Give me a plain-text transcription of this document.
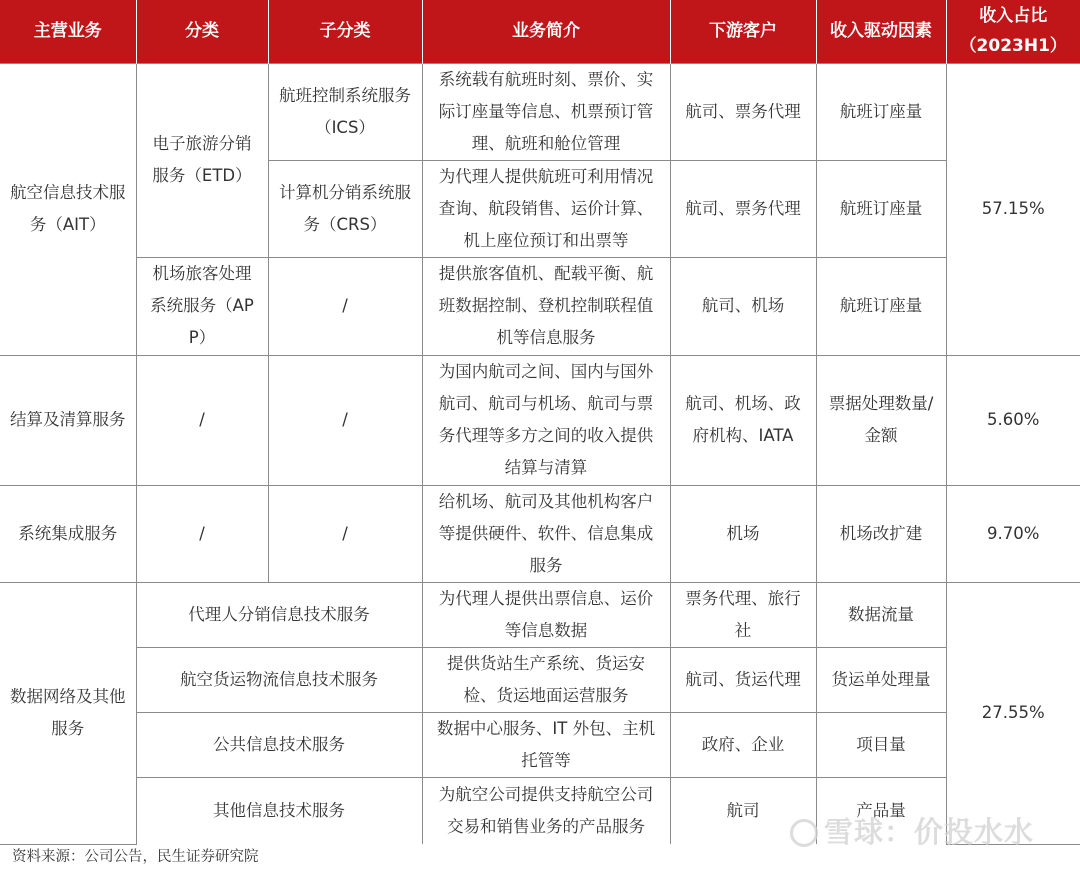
主营业务	分类	子分类	业务简介	下游客户	收入驱动因素	收入占比
（2023H1）

航空信息技术服务（AIT）	电子旅游分销服务（ETD）	航班控制系统服务（ICS）	系统载有航班时刻、票价、实际订座量等信息、机票预订管理、航班和舱位管理	航司、票务代理	航班订座量	57.15%
		计算机分销系统服务（CRS）	为代理人提供航班可利用情况查询、航段销售、运价计算、机上座位预订和出票等	航司、票务代理	航班订座量	
	机场旅客处理系统服务（APP）	/	提供旅客值机、配载平衡、航班数据控制、登机控制联程值机等信息服务	航司、机场	航班订座量	
结算及清算服务	/	/	为国内航司之间、国内与国外航司、航司与机场、航司与票务代理等多方之间的收入提供结算与清算	航司、机场、政府机构、IATA	票据处理数量/金额	5.60%
系统集成服务	/	/	给机场、航司及其他机构客户等提供硬件、软件、信息集成服务	机场	机场改扩建	9.70%
数据网络及其他服务	代理人分销信息技术服务		为代理人提供出票信息、运价等信息数据	票务代理、旅行社	数据流量	27.55%
	航空货运物流信息技术服务		提供货站生产系统、货运安检、货运地面运营服务	航司、货运代理	货运单处理量	
	公共信息技术服务		数据中心服务、IT 外包、主机托管等	政府、企业	项目量	
	其他信息技术服务		为航空公司提供支持航空公司交易和销售业务的产品服务	航司	产品量	
资料来源：公司公告，民生证券研究院
雪球：价投水水
